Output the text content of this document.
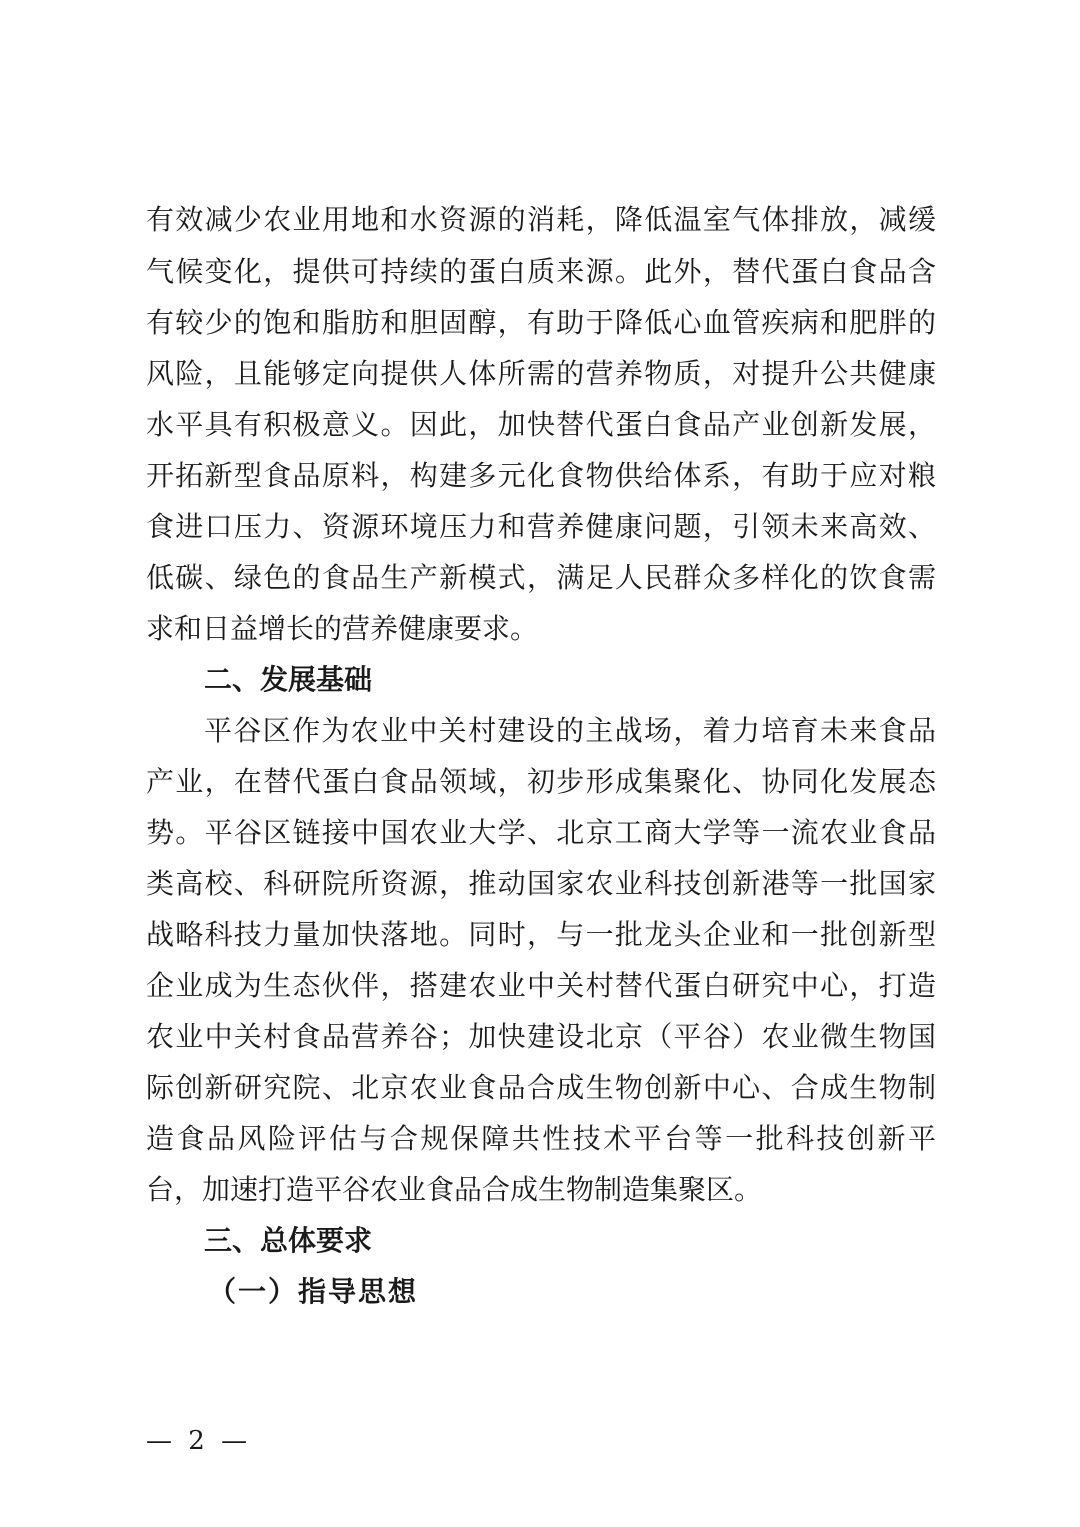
有效减少农业用地和水资源的消耗，降低温室气体排放，减缓
气候变化，提供可持续的蛋白质来源。此外，替代蛋白食品含
有较少的饱和脂肪和胆固醇，有助于降低心血管疾病和肥胖的
风险，且能够定向提供人体所需的营养物质，对提升公共健康
水平具有积极意义。因此，加快替代蛋白食品产业创新发展，
开拓新型食品原料，构建多元化食物供给体系，有助于应对粮
食进口压力、资源环境压力和营养健康问题，引领未来高效、
低碳、绿色的食品生产新模式，满足人民群众多样化的饮食需
求和日益增长的营养健康要求。
二、发展基础
平谷区作为农业中关村建设的主战场，着力培育未来食品
产业，在替代蛋白食品领域，初步形成集聚化、协同化发展态
势。平谷区链接中国农业大学、北京工商大学等一流农业食品
类高校、科研院所资源，推动国家农业科技创新港等一批国家
战略科技力量加快落地。同时，与一批龙头企业和一批创新型
企业成为生态伙伴，搭建农业中关村替代蛋白研究中心，打造
农业中关村食品营养谷；加快建设北京（平谷）农业微生物国
际创新研究院、北京农业食品合成生物创新中心、合成生物制
造食品风险评估与合规保障共性技术平台等一批科技创新平
台，加速打造平谷农业食品合成生物制造集聚区。
三、总体要求
（一）指导思想
— 2 —
